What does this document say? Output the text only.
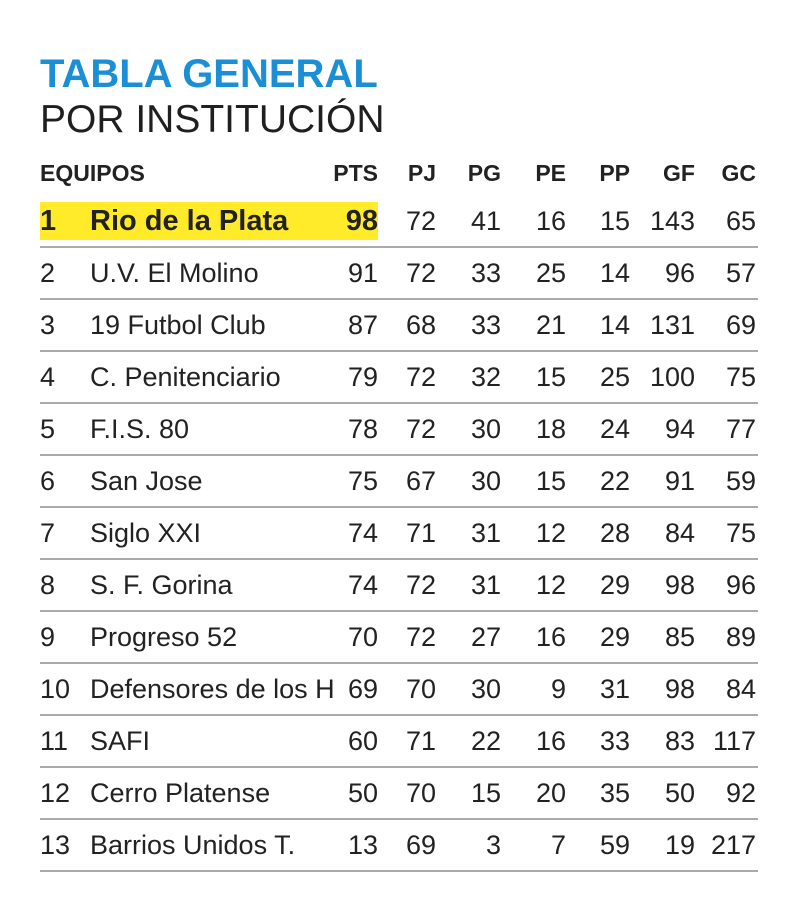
TABLA GENERAL
POR INSTITUCIÓN
EQUIPOS	PTS PJ PG PE PP GF GC
1 Rio de la Plata 98 72 41 16 15 143 65
2 U.V. El Molino	91 72 33 25 14 96 57
3 19 Futbol Club	87 68 33 21 14 131 69
4 C. Penitenciario 79 72 32 15 25 100 75
5 F.I.S. 80	78 72 30 18 24 94 77
6 San Jose	75 67 30 15 22 91 59
7 Siglo XXI	74 71 31 12 28 84 75
8 S. F. Gorina	74 72 31 12 29 98 96
9 Progreso 52	70 72 27 16 29 85 89
10 Defensores de los H 69 70 30 9 31 98 84
11 SAFI	60 71 22 16 33 83 117
12 Cerro Platense	50 70 15 20 35 50 92
13 Barrios Unidos T. 13 69 3 7 59 19 217
